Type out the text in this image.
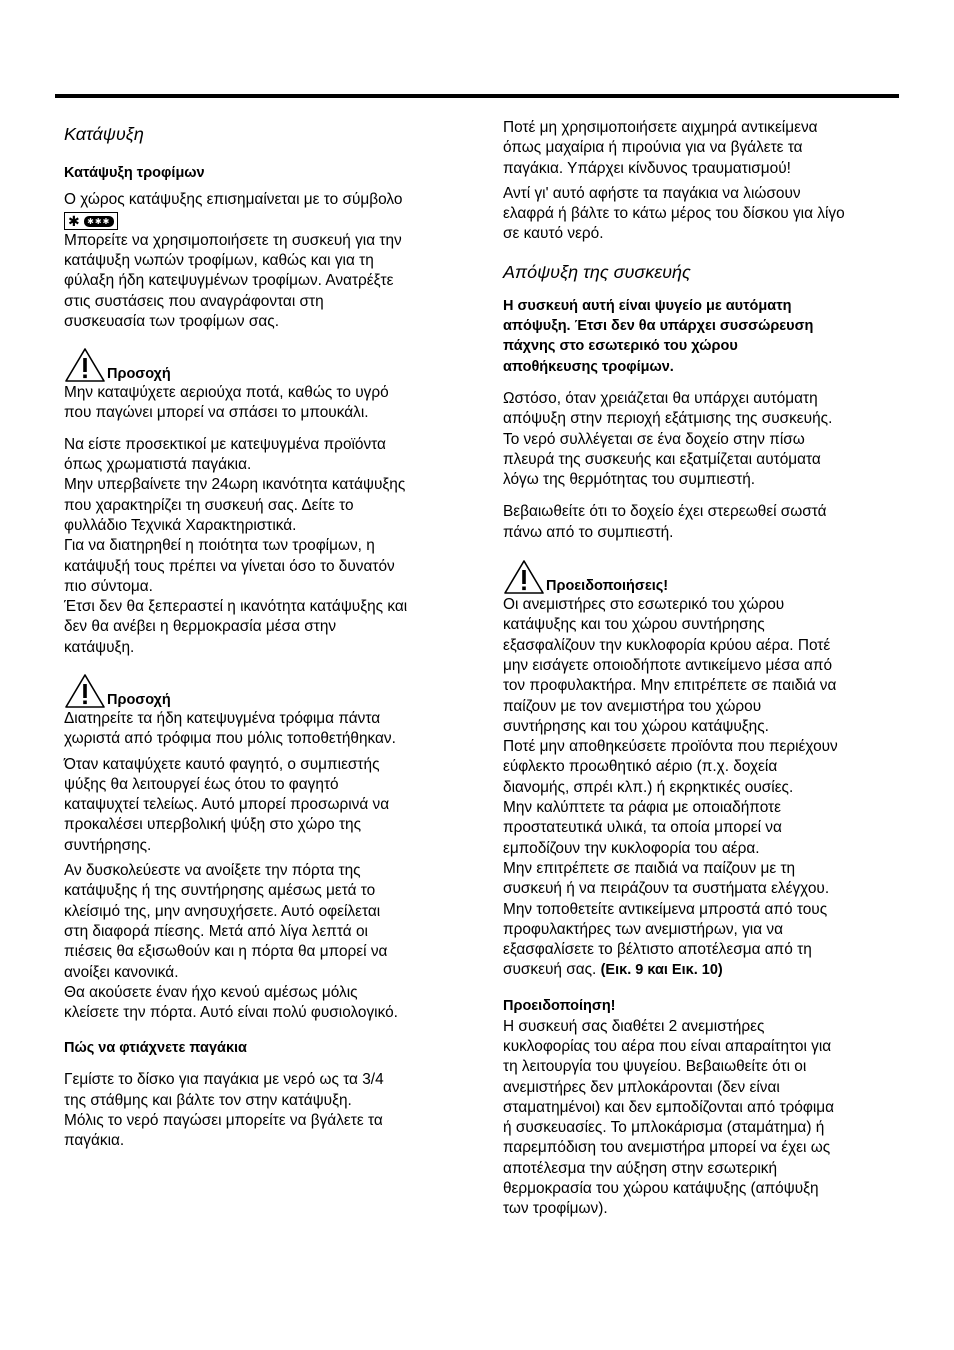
Κατάψυξη
Κατάψυξη τροφίμων

Ο χώρος κατάψυξης επισημαίνεται με το σύμβολο
✱ ✱✱✱

Μπορείτε να χρησιμοποιήσετε τη συσκευή για την
κατάψυξη νωπών τροφίμων, καθώς και για τη
φύλαξη ήδη κατεψυγμένων τροφίμων. Ανατρέξτε
στις συστάσεις που αναγράφονται στη
συσκευασία των τροφίμων σας.

Προσοχή

Μην καταψύχετε αεριούχα ποτά, καθώς το υγρό
που παγώνει μπορεί να σπάσει το μπουκάλι.

Να είστε προσεκτικοί με κατεψυγμένα προϊόντα
όπως χρωματιστά παγάκια.
Μην υπερβαίνετε την 24ωρη ικανότητα κατάψυξης
που χαρακτηρίζει τη συσκευή σας. Δείτε το
φυλλάδιο Τεχνικά Χαρακτηριστικά.
Για να διατηρηθεί η ποιότητα των τροφίμων, η
κατάψυξή τους πρέπει να γίνεται όσο το δυνατόν
πιο σύντομα.
Έτσι δεν θα ξεπεραστεί η ικανότητα κατάψυξης και
δεν θα ανέβει η θερμοκρασία μέσα στην
κατάψυξη.

Προσοχή

Διατηρείτε τα ήδη κατεψυγμένα τρόφιμα πάντα
χωριστά από τρόφιμα που μόλις τοποθετήθηκαν.

Όταν καταψύχετε καυτό φαγητό, ο συμπιεστής
ψύξης θα λειτουργεί έως ότου το φαγητό
καταψυχτεί τελείως. Αυτό μπορεί προσωρινά να
προκαλέσει υπερβολική ψύξη στο χώρο της
συντήρησης.

Αν δυσκολεύεστε να ανοίξετε την πόρτα της
κατάψυξης ή της συντήρησης αμέσως μετά το
κλείσιμό της, μην ανησυχήσετε. Αυτό οφείλεται
στη διαφορά πίεσης. Μετά από λίγα λεπτά οι
πιέσεις θα εξισωθούν και η πόρτα θα μπορεί να
ανοίξει κανονικά.
Θα ακούσετε έναν ήχο κενού αμέσως μόλις
κλείσετε την πόρτα. Αυτό είναι πολύ φυσιολογικό.

Πώς να φτιάχνετε παγάκια

Γεμίστε το δίσκο για παγάκια με νερό ως τα 3/4
της στάθμης και βάλτε τον στην κατάψυξη.
Μόλις το νερό παγώσει μπορείτε να βγάλετε τα
παγάκια.

Ποτέ μη χρησιμοποιήσετε αιχμηρά αντικείμενα
όπως μαχαίρια ή πιρούνια για να βγάλετε τα
παγάκια. Υπάρχει κίνδυνος τραυματισμού!

Αντί γι' αυτό αφήστε τα παγάκια να λιώσουν
ελαφρά ή βάλτε το κάτω μέρος του δίσκου για λίγο
σε καυτό νερό.

Απόψυξη της συσκευής

Η συσκευή αυτή είναι ψυγείο με αυτόματη
απόψυξη. Έτσι δεν θα υπάρχει συσσώρευση
πάχνης στο εσωτερικό του χώρου
αποθήκευσης τροφίμων.

Ωστόσο, όταν χρειάζεται θα υπάρχει αυτόματη
απόψυξη στην περιοχή εξάτμισης της συσκευής.
Το νερό συλλέγεται σε ένα δοχείο στην πίσω
πλευρά της συσκευής και εξατμίζεται αυτόματα
λόγω της θερμότητας του συμπιεστή.

Βεβαιωθείτε ότι το δοχείο έχει στερεωθεί σωστά
πάνω από το συμπιεστή.

Προειδοποιήσεις!

Οι ανεμιστήρες στο εσωτερικό του χώρου
κατάψυξης και του χώρου συντήρησης
εξασφαλίζουν την κυκλοφορία κρύου αέρα. Ποτέ
μην εισάγετε οποιοδήποτε αντικείμενο μέσα από
τον προφυλακτήρα. Μην επιτρέπετε σε παιδιά να
παίζουν με τον ανεμιστήρα του χώρου
συντήρησης και του χώρου κατάψυξης.
Ποτέ μην αποθηκεύσετε προϊόντα που περιέχουν
εύφλεκτο προωθητικό αέριο (π.χ. δοχεία
διανομής, σπρέι κλπ.) ή εκρηκτικές ουσίες.
Μην καλύπτετε τα ράφια με οποιαδήποτε
προστατευτικά υλικά, τα οποία μπορεί να
εμποδίζουν την κυκλοφορία του αέρα.
Μην επιτρέπετε σε παιδιά να παίζουν με τη
συσκευή ή να πειράζουν τα συστήματα ελέγχου.
Μην τοποθετείτε αντικείμενα μπροστά από τους
προφυλακτήρες των ανεμιστήρων, για να
εξασφαλίσετε το βέλτιστο αποτέλεσμα από τη
συσκευή σας. (Εικ. 9 και Εικ. 10)

Προειδοποίηση!

Η συσκευή σας διαθέτει 2 ανεμιστήρες
κυκλοφορίας του αέρα που είναι απαραίτητοι για
τη λειτουργία του ψυγείου. Βεβαιωθείτε ότι οι
ανεμιστήρες δεν μπλοκάρονται (δεν είναι
σταματημένοι) και δεν εμποδίζονται από τρόφιμα
ή συσκευασίες. Το μπλοκάρισμα (σταμάτημα) ή
παρεμπόδιση του ανεμιστήρα μπορεί να έχει ως
αποτέλεσμα την αύξηση στην εσωτερική
θερμοκρασία του χώρου κατάψυξης (απόψυξη
των τροφίμων).
